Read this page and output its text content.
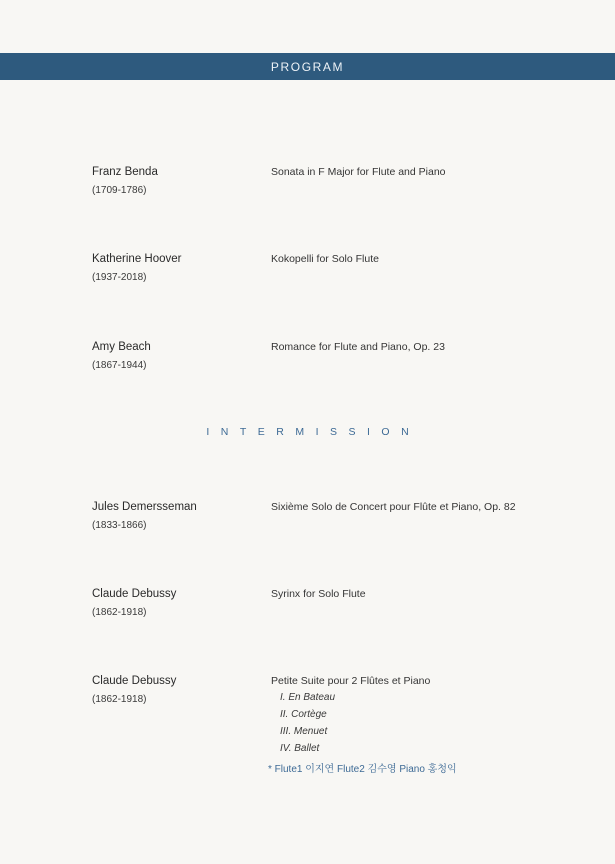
PROGRAM
Franz Benda
(1709-1786)
Sonata in F Major for Flute and Piano
Katherine Hoover
(1937-2018)
Kokopelli for Solo Flute
Amy Beach
(1867-1944)
Romance for Flute and Piano, Op. 23
INTERMISSION
Jules Demersseman
(1833-1866)
Sixième Solo de Concert pour Flûte et Piano, Op. 82
Claude Debussy
(1862-1918)
Syrinx for Solo Flute
Claude Debussy
(1862-1918)
Petite Suite pour 2 Flûtes et Piano
I. En Bateau
II. Cortège
III. Menuet
IV. Ballet
* Flute1 이지연 Flute2 김수영 Piano 홍청익
